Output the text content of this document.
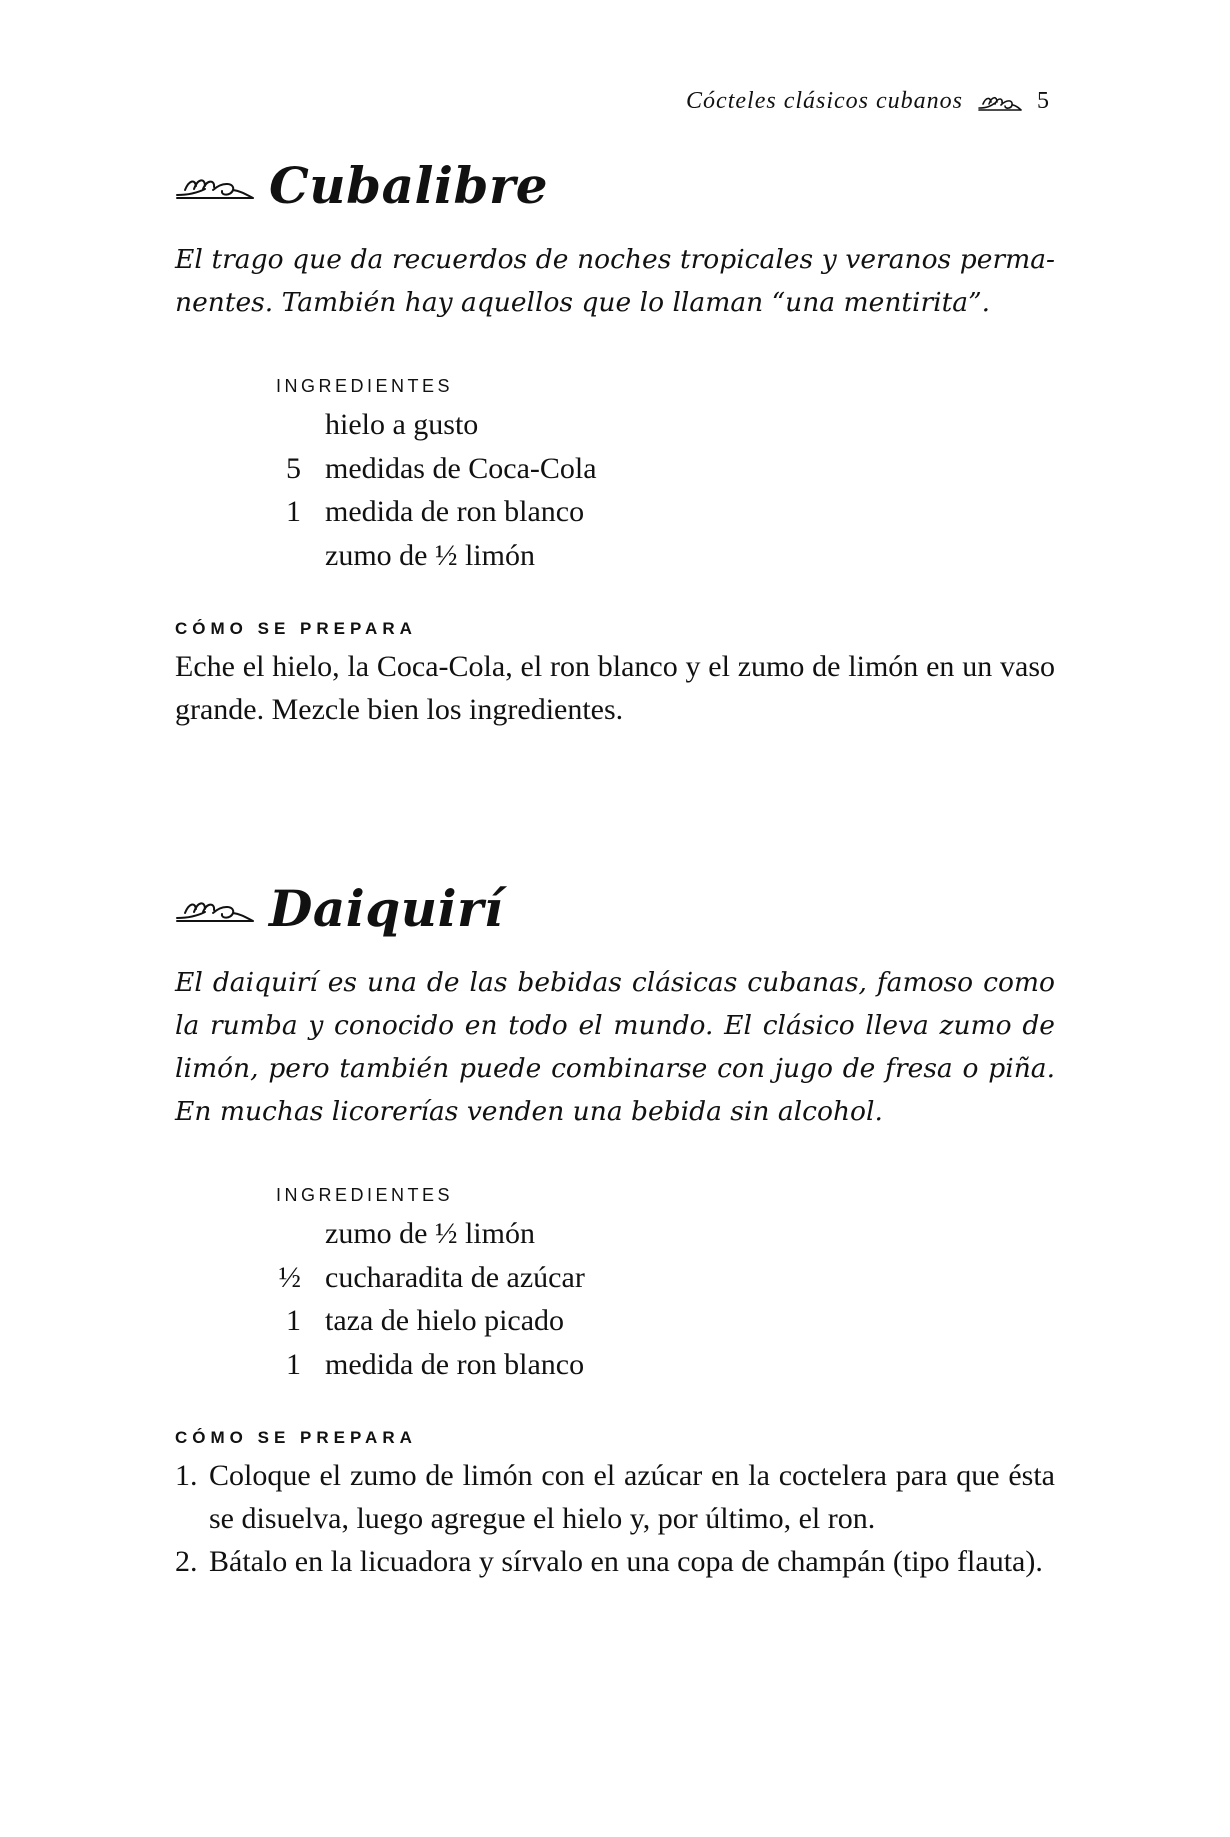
Cócteles clásicos cubanos	5
Cubalibre

El trago que da recuerdos de noches tropicales y veranos perma-nentes. También hay aquellos que lo llaman “una mentirita”.

INGREDIENTES
hielo a gusto
5 medidas de Coca-Cola
1 medida de ron blanco
zumo de ½ limón
CÓMO SE PREPARA

Eche el hielo, la Coca-Cola, el ron blanco y el zumo de limón en un vaso grande. Mezcle bien los ingredientes.

Daiquirí

El daiquirí es una de las bebidas clásicas cubanas, famoso como la rumba y conocido en todo el mundo. El clásico lleva zumo de limón, pero también puede combinarse con jugo de fresa o piña. En muchas licorerías venden una bebida sin alcohol.

INGREDIENTES
zumo de ½ limón
½ cucharadita de azúcar
1 taza de hielo picado
1 medida de ron blanco
CÓMO SE PREPARA
1. Coloque el zumo de limón con el azúcar en la coctelera para que ésta se disuelva, luego agregue el hielo y, por último, el ron.
2. Bátalo en la licuadora y sírvalo en una copa de champán (tipo flauta).
